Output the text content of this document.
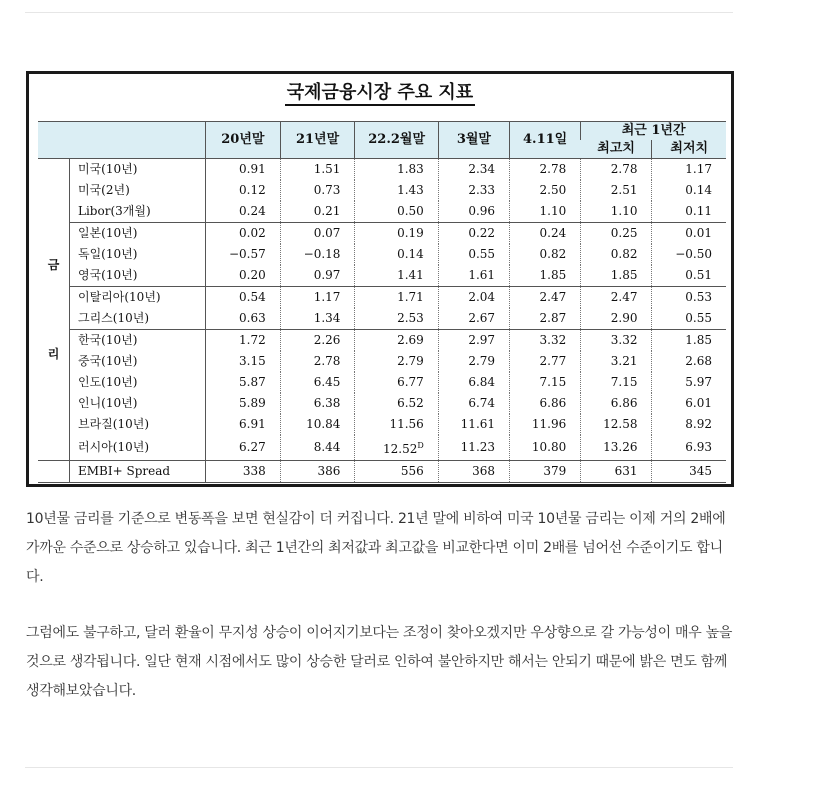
국제금융시장 주요 지표
		20년말	21년말	22.2월말	3월말	4.11일	최근 1년간	
							최고치	최저치

금
리	미국(10년)	0.91	1.51	1.83	2.34	2.78	2.78	1.17
	미국(2년)	0.12	0.73	1.43	2.33	2.50	2.51	0.14
	Libor(3개월)	0.24	0.21	0.50	0.96	1.10	1.10	0.11
	일본(10년)	0.02	0.07	0.19	0.22	0.24	0.25	0.01
	독일(10년)	−0.57	−0.18	0.14	0.55	0.82	0.82	−0.50
	영국(10년)	0.20	0.97	1.41	1.61	1.85	1.85	0.51
	이탈리아(10년)	0.54	1.17	1.71	2.04	2.47	2.47	0.53
	그리스(10년)	0.63	1.34	2.53	2.67	2.87	2.90	0.55
	한국(10년)	1.72	2.26	2.69	2.97	3.32	3.32	1.85
	중국(10년)	3.15	2.78	2.79	2.79	2.77	3.21	2.68
	인도(10년)	5.87	6.45	6.77	6.84	7.15	7.15	5.97
	인니(10년)	5.89	6.38	6.52	6.74	6.86	6.86	6.01
	브라질(10년)	6.91	10.84	11.56	11.61	11.96	12.58	8.92
	러시아(10년)	6.27	8.44	$12.52^D$	11.23	10.80	13.26	6.93
	EMBI+ Spread	338	386	556	368	379	631	345

10년물 금리를 기준으로 변동폭을 보면 현실감이 더 커집니다. 21년 말에 비하여 미국 10년물 금리는 이제 거의 2배에 가까운 수준으로 상승하고 있습니다. 최근 1년간의 최저값과 최고값을 비교한다면 이미 2배를 넘어선 수준이기도 합니다.

그럼에도 불구하고, 달러 환율이 무지성 상승이 이어지기보다는 조정이 찾아오겠지만 우상향으로 갈 가능성이 매우 높을 것으로 생각됩니다. 일단 현재 시점에서도 많이 상승한 달러로 인하여 불안하지만 해서는 안되기 때문에 밝은 면도 함께 생각해보았습니다.
